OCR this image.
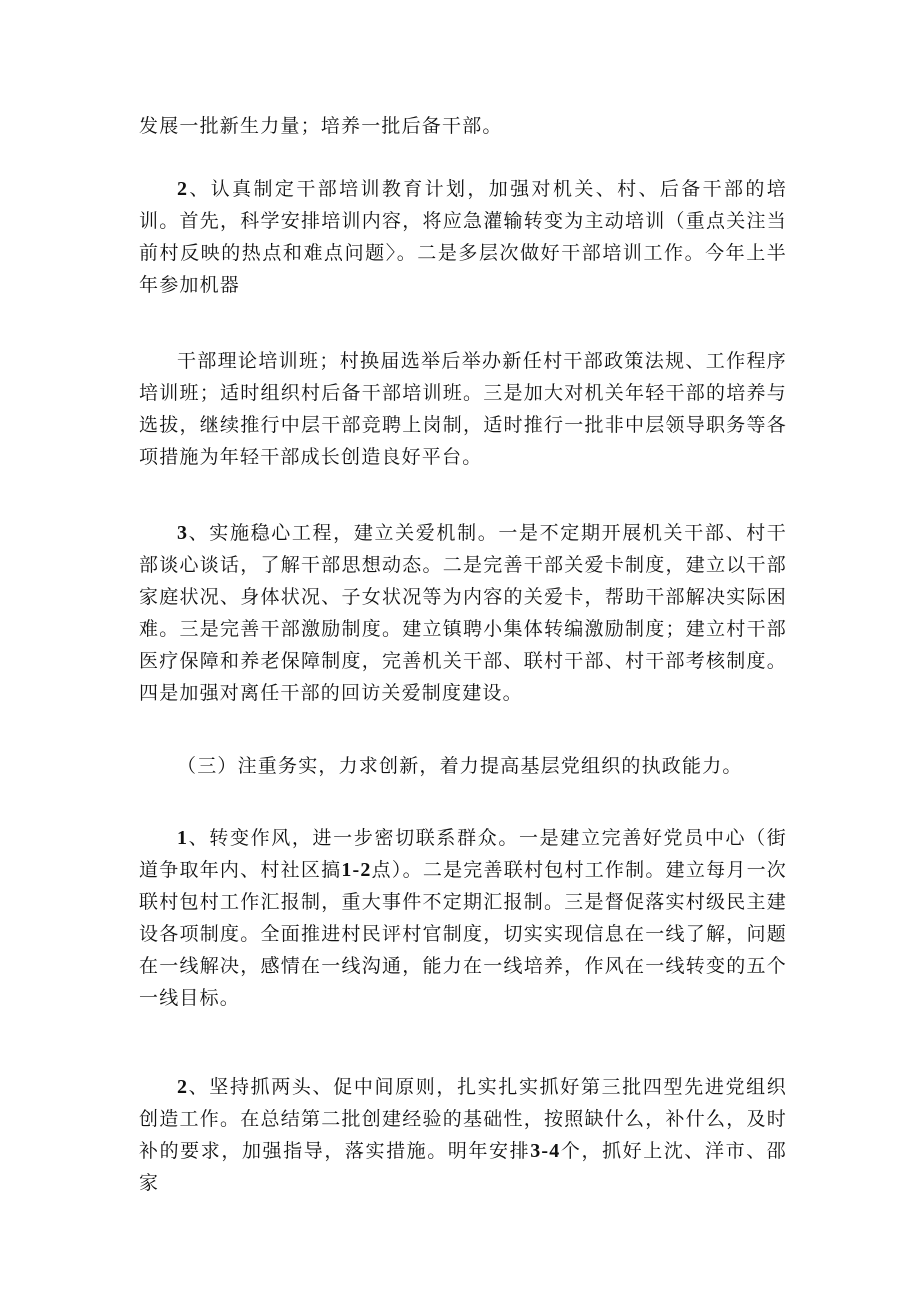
发展一批新生力量；培养一批后备干部。

2、认真制定干部培训教育计划，加强对机关、村、后备干部的培训。首先，科学安排培训内容，将应急灌输转变为主动培训（重点关注当前村反映的热点和难点问题〉。二是多层次做好干部培训工作。今年上半年参加机器

干部理论培训班；村换届选举后举办新任村干部政策法规、工作程序培训班；适时组织村后备干部培训班。三是加大对机关年轻干部的培养与选拔，继续推行中层干部竞聘上岗制，适时推行一批非中层领导职务等各项措施为年轻干部成长创造良好平台。

3、实施稳心工程，建立关爱机制。一是不定期开展机关干部、村干部谈心谈话，了解干部思想动态。二是完善干部关爱卡制度，建立以干部家庭状况、身体状况、子女状况等为内容的关爱卡，帮助干部解决实际困难。三是完善干部激励制度。建立镇聘小集体转编激励制度；建立村干部医疗保障和养老保障制度，完善机关干部、联村干部、村干部考核制度。四是加强对离任干部的回访关爱制度建设。

（三）注重务实，力求创新，着力提高基层党组织的执政能力。

1、转变作风，进一步密切联系群众。一是建立完善好党员中心（街道争取年内、村社区搞1-2点）。二是完善联村包村工作制。建立每月一次联村包村工作汇报制，重大事件不定期汇报制。三是督促落实村级民主建设各项制度。全面推进村民评村官制度，切实实现信息在一线了解，问题在一线解决，感情在一线沟通，能力在一线培养，作风在一线转变的五个一线目标。

2、坚持抓两头、促中间原则，扎实扎实抓好第三批四型先进党组织创造工作。在总结第二批创建经验的基础性，按照缺什么，补什么，及时补的要求，加强指导，落实措施。明年安排3-4个，抓好上沈、洋市、邵家
